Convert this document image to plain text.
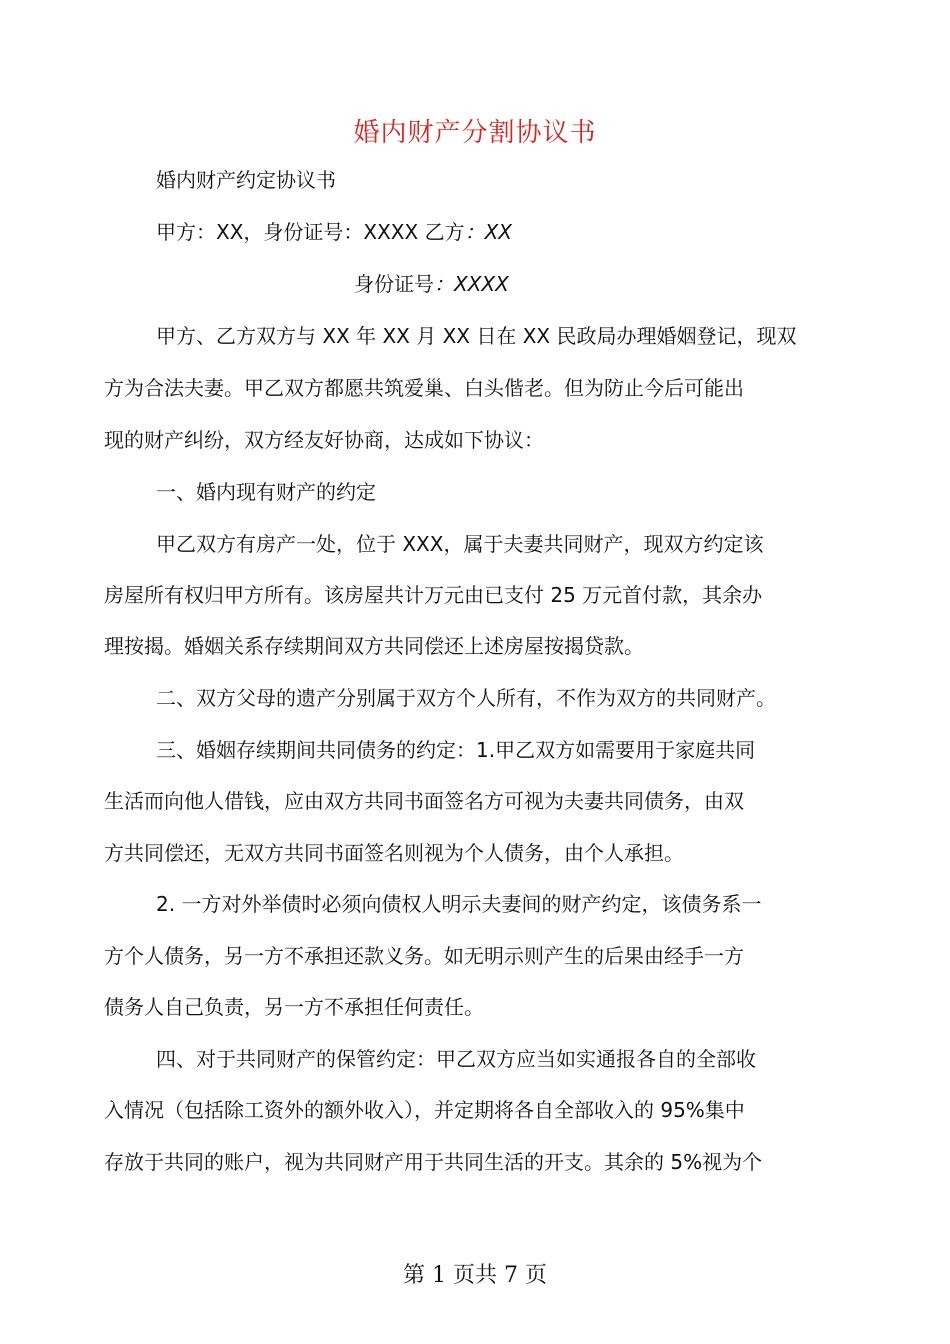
婚内财产分割协议书
婚内财产约定协议书
甲方：XX，身份证号：XXXX 乙方：XX
身份证号：XXXX
甲方、乙方双方与 XX 年 XX 月 XX 日在 XX 民政局办理婚姻登记，现双
方为合法夫妻。甲乙双方都愿共筑爱巢、白头偕老。但为防止今后可能出
现的财产纠纷，双方经友好协商，达成如下协议：
一、婚内现有财产的约定
甲乙双方有房产一处，位于 XXX，属于夫妻共同财产，现双方约定该
房屋所有权归甲方所有。该房屋共计万元由已支付 25 万元首付款，其余办
理按揭。婚姻关系存续期间双方共同偿还上述房屋按揭贷款。
二、双方父母的遗产分别属于双方个人所有，不作为双方的共同财产。
三、婚姻存续期间共同债务的约定：1.甲乙双方如需要用于家庭共同
生活而向他人借钱，应由双方共同书面签名方可视为夫妻共同债务，由双
方共同偿还，无双方共同书面签名则视为个人债务，由个人承担。
2. 一方对外举债时必须向债权人明示夫妻间的财产约定，该债务系一
方个人债务，另一方不承担还款义务。如无明示则产生的后果由经手一方
债务人自己负责，另一方不承担任何责任。
四、对于共同财产的保管约定：甲乙双方应当如实通报各自的全部收
入情况（包括除工资外的额外收入），并定期将各自全部收入的 95%集中
存放于共同的账户，视为共同财产用于共同生活的开支。其余的 5%视为个
第 1 页共 7 页
